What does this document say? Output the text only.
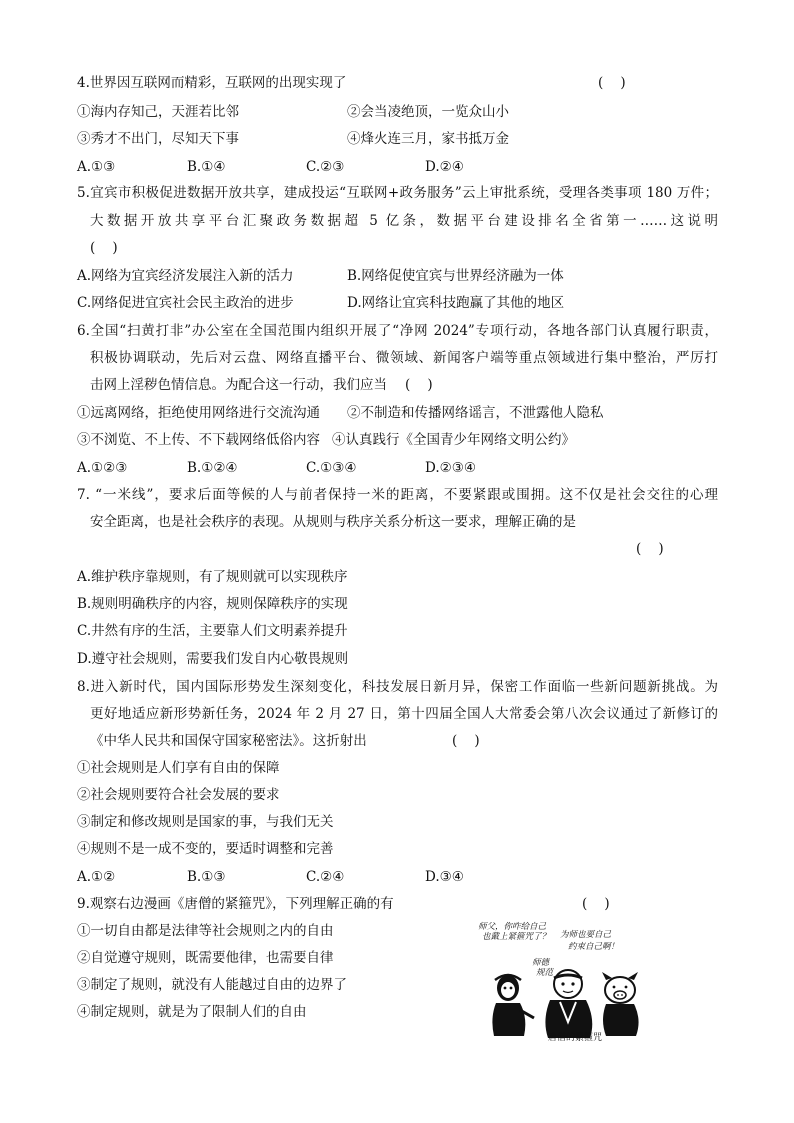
4.世界因互联网而精彩，互联网的出现实现了	(    )
①海内存知己，天涯若比邻	②会当凌绝顶，一览众山小
③秀才不出门，尽知天下事	④烽火连三月，家书抵万金
A.①③	B.①④	C.②③	D.②④
5.宜宾市积极促进数据开放共享，建成投运“互联网+政务服务”云上审批系统，受理各类事项 180 万件；
大数据开放共享平台汇聚政务数据超 5 亿条，数据平台建设排名全省第一……这说明
(    )
A.网络为宜宾经济发展注入新的活力	B.网络促使宜宾与世界经济融为一体
C.网络促进宜宾社会民主政治的进步	D.网络让宜宾科技跑赢了其他的地区
6.全国“扫黄打非”办公室在全国范围内组织开展了“净网 2024”专项行动，各地各部门认真履行职责，
积极协调联动，先后对云盘、网络直播平台、微领域、新闻客户端等重点领域进行集中整治，严厉打
击网上淫秽色情信息。为配合这一行动，我们应当 (    )
①远离网络，拒绝使用网络进行交流沟通 ②不制造和传播网络谣言，不泄露他人隐私
③不浏览、不上传、不下载网络低俗内容 ④认真践行《全国青少年网络文明公约》
A.①②③	B.①②④	C.①③④	D.②③④
7. “一米线”，要求后面等候的人与前者保持一米的距离，不要紧跟或围拥。这不仅是社会交往的心理
安全距离，也是社会秩序的表现。从规则与秩序关系分析这一要求，理解正确的是
(    )
A.维护秩序靠规则，有了规则就可以实现秩序
B.规则明确秩序的内容，规则保障秩序的实现
C.井然有序的生活，主要靠人们文明素养提升
D.遵守社会规则，需要我们发自内心敬畏规则
8.进入新时代，国内国际形势发生深刻变化，科技发展日新月异，保密工作面临一些新问题新挑战。为
更好地适应新形势新任务，2024 年 2 月 27 日，第十四届全国人大常委会第八次会议通过了新修订的
《中华人民共和国保守国家秘密法》。这折射出	(    )
①社会规则是人们享有自由的保障
②社会规则要符合社会发展的要求
③制定和修改规则是国家的事，与我们无关
④规则不是一成不变的，要适时调整和完善
A.①②	B.①③	C.②④	D.③④
9.观察右边漫画《唐僧的紧箍咒》，下列理解正确的有	(    )
①一切自由都是法律等社会规则之内的自由
②自觉遵守规则，既需要他律，也需要自律
③制定了规则，就没有人能越过自由的边界了
④制定规则，就是为了限制人们的自由
师父，你咋给自己
也戴上紧箍咒了？ 为师也要自己
约束自己啊！
师德
规范
唐僧的紧箍咒
